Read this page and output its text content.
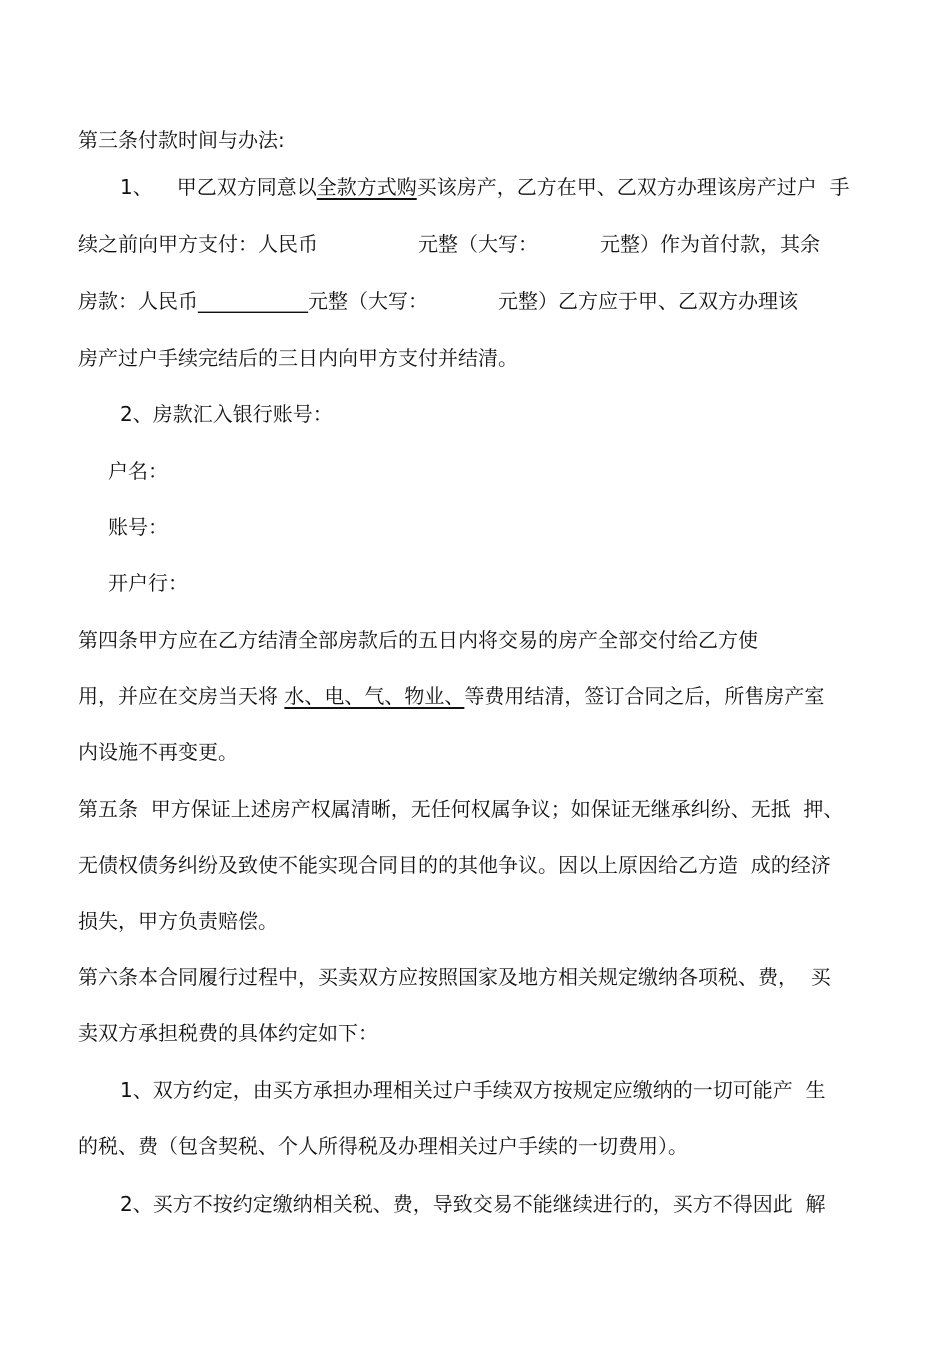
第三条付款时间与办法:
1、 甲乙双方同意以全款方式购买该房产，乙方在甲、乙双方办理该房产过户  手
续之前向甲方支付：人民币	元整（大写：	元整）作为首付款，其余
房款：人民币___________元整（大写：	元整）乙方应于甲、乙双方办理该
房产过户手续完结后的三日内向甲方支付并结清。
2、房款汇入银行账号：
户名：
账号：
开户行：
第四条甲方应在乙方结清全部房款后的五日内将交易的房产全部交付给乙方使
用，并应在交房当天将 水、电、气、物业、等费用结清，签订合同之后，所售房产室
内设施不再变更。
第五条  甲方保证上述房产权属清晰，无任何权属争议；如保证无继承纠纷、无抵  押、
无债权债务纠纷及致使不能实现合同目的的其他争议。因以上原因给乙方造  成的经济
损失，甲方负责赔偿。
第六条本合同履行过程中，买卖双方应按照国家及地方相关规定缴纳各项税、费，  买
卖双方承担税费的具体约定如下：
1、双方约定，由买方承担办理相关过户手续双方按规定应缴纳的一切可能产  生
的税、费（包含契税、个人所得税及办理相关过户手续的一切费用）。
2、买方不按约定缴纳相关税、费，导致交易不能继续进行的，买方不得因此  解
